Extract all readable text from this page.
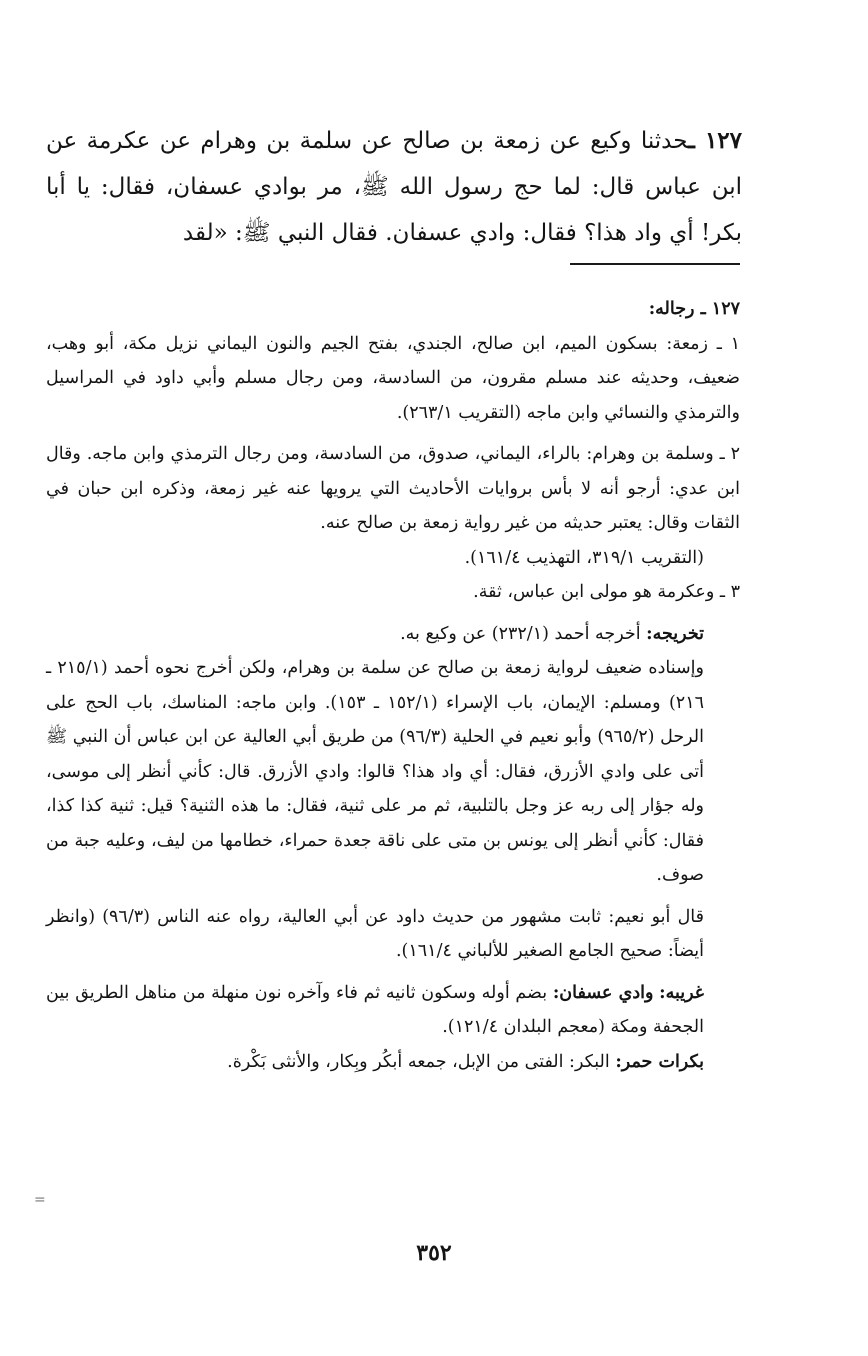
١٢٧ ـحدثنا وكيع عن زمعة بن صالح عن سلمة بن وهرام عن عكرمة عن ابن عباس قال: لما حج رسول الله ﷺ، مر بوادي عسفان، فقال: يا أبا بكر! أي واد هذا؟ فقال: وادي عسفان. فقال النبي ﷺ: «لقد

١٢٧ ـ رجاله:

١ ـ زمعة: بسكون الميم، ابن صالح، الجندي، بفتح الجيم والنون اليماني نزيل مكة، أبو وهب، ضعيف، وحديثه عند مسلم مقرون، من السادسة، ومن رجال مسلم وأبي داود في المراسيل والترمذي والنسائي وابن ماجه (التقريب ٢٦٣/١).

٢ ـ وسلمة بن وهرام: بالراء، اليماني، صدوق، من السادسة، ومن رجال الترمذي وابن ماجه. وقال ابن عدي: أرجو أنه لا بأس بروايات الأحاديث التي يرويها عنه غير زمعة، وذكره ابن حبان في الثقات وقال: يعتبر حديثه من غير رواية زمعة بن صالح عنه.

(التقريب ٣١٩/١، التهذيب ١٦١/٤).

٣ ـ وعكرمة هو مولى ابن عباس، ثقة.

تخريجه: أخرجه أحمد (٢٣٢/١) عن وكيع به.

وإسناده ضعيف لرواية زمعة بن صالح عن سلمة بن وهرام، ولكن أخرج نحوه أحمد (٢١٥/١ ـ ٢١٦) ومسلم: الإيمان، باب الإسراء (١٥٢/١ ـ ١٥٣). وابن ماجه: المناسك، باب الحج على الرحل (٩٦٥/٢) وأبو نعيم في الحلية (٩٦/٣) من طريق أبي العالية عن ابن عباس أن النبي ﷺ أتى على وادي الأزرق، فقال: أي واد هذا؟ قالوا: وادي الأزرق. قال: كأني أنظر إلى موسى، وله جؤار إلى ربه عز وجل بالتلبية، ثم مر على ثنية، فقال: ما هذه الثنية؟ قيل: ثنية كذا كذا، فقال: كأني أنظر إلى يونس بن متى على ناقة جعدة حمراء، خطامها من ليف، وعليه جبة من صوف.

قال أبو نعيم: ثابت مشهور من حديث داود عن أبي العالية، رواه عنه الناس (٩٦/٣) (وانظر أيضاً: صحيح الجامع الصغير للألباني ١٦١/٤).

غريبه: وادي عسفان: بضم أوله وسكون ثانيه ثم فاء وآخره نون منهلة من مناهل الطريق بين الجحفة ومكة (معجم البلدان ١٢١/٤).

بكرات حمر: البكر: الفتى من الإبل، جمعه أبكُر وبِكار، والأنثى بَكْرة.

=
٣٥٢
